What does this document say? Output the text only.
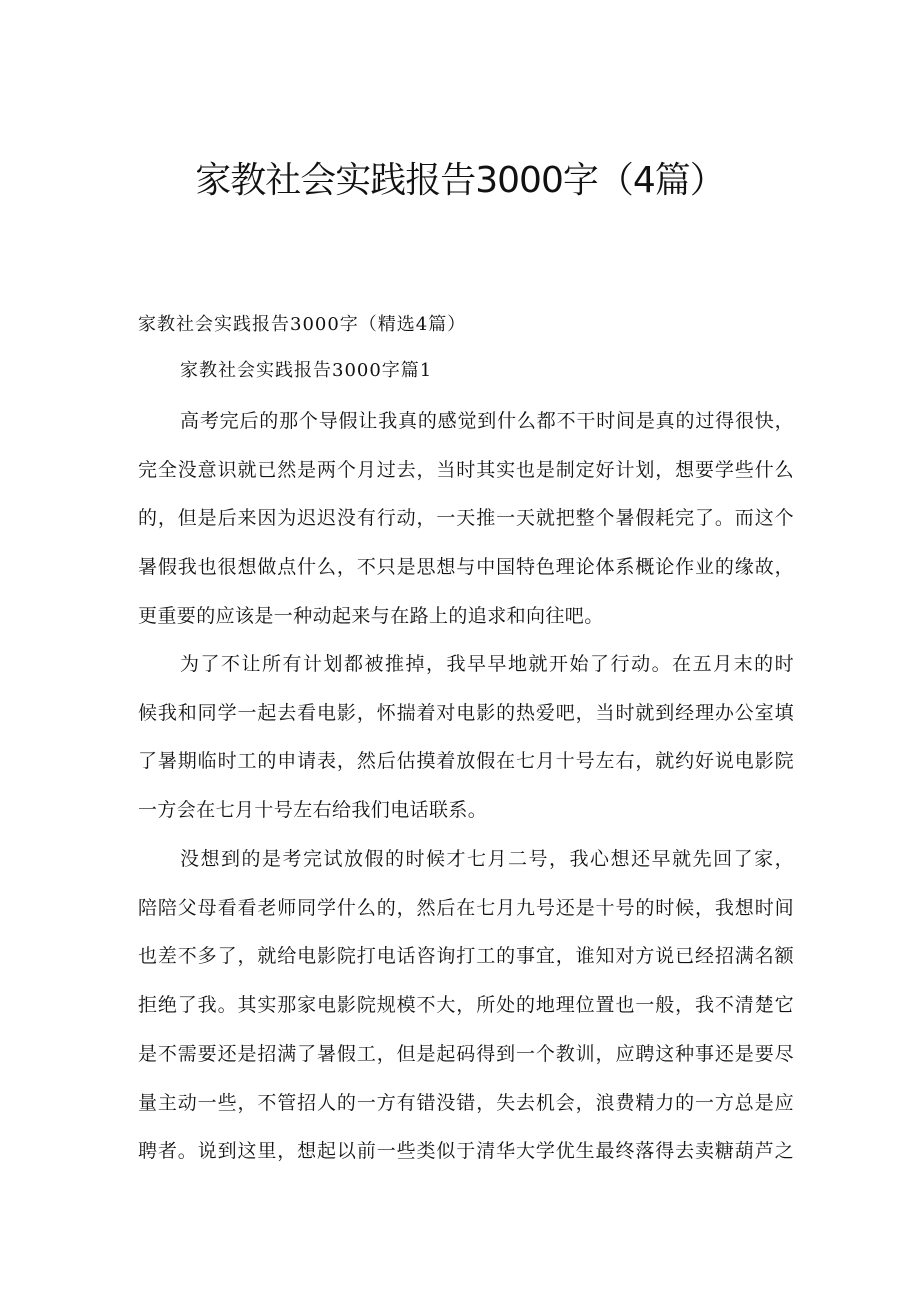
家教社会实践报告3000字（4篇）
家教社会实践报告3000字（精选4篇）
家教社会实践报告3000字篇1
高考完后的那个导假让我真的感觉到什么都不干时间是真的过得很快，
完全没意识就已然是两个月过去，当时其实也是制定好计划，想要学些什么
的，但是后来因为迟迟没有行动，一天推一天就把整个暑假耗完了。而这个
暑假我也很想做点什么，不只是思想与中国特色理论体系概论作业的缘故，
更重要的应该是一种动起来与在路上的追求和向往吧。
为了不让所有计划都被推掉，我早早地就开始了行动。在五月末的时
候我和同学一起去看电影，怀揣着对电影的热爱吧，当时就到经理办公室填
了暑期临时工的申请表，然后估摸着放假在七月十号左右，就约好说电影院
一方会在七月十号左右给我们电话联系。
没想到的是考完试放假的时候才七月二号，我心想还早就先回了家，
陪陪父母看看老师同学什么的，然后在七月九号还是十号的时候，我想时间
也差不多了，就给电影院打电话咨询打工的事宜，谁知对方说已经招满名额
拒绝了我。其实那家电影院规模不大，所处的地理位置也一般，我不清楚它
是不需要还是招满了暑假工，但是起码得到一个教训，应聘这种事还是要尽
量主动一些，不管招人的一方有错没错，失去机会，浪费精力的一方总是应
聘者。说到这里，想起以前一些类似于清华大学优生最终落得去卖糖葫芦之
